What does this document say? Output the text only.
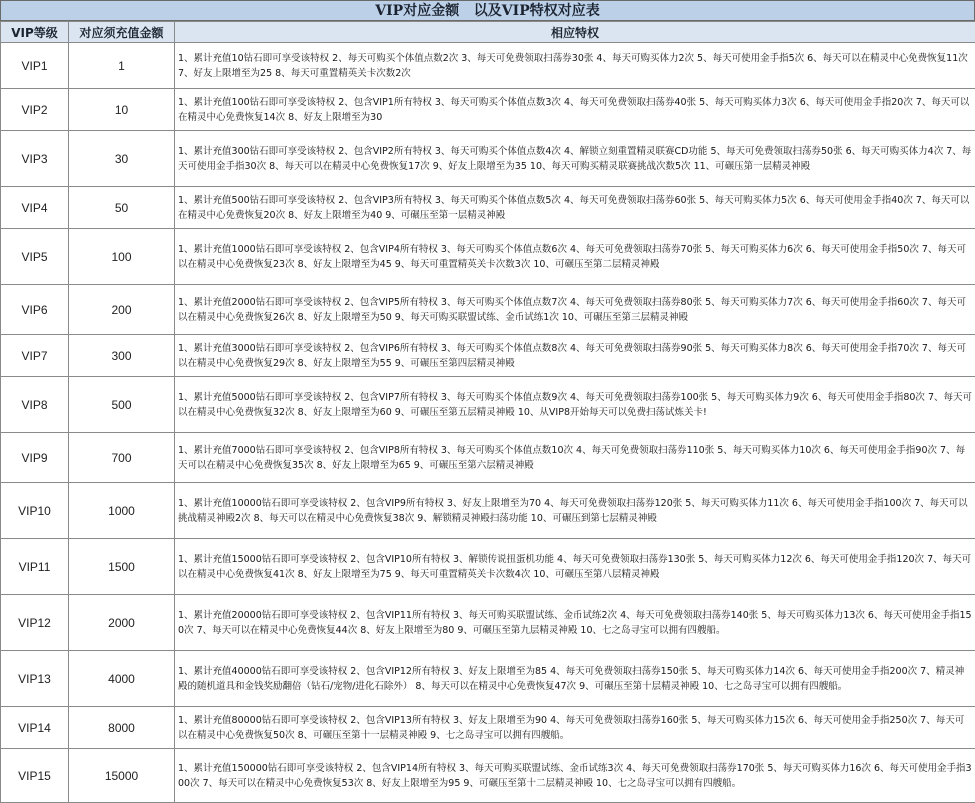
VIP对应金额   以及VIP特权对应表
VIP等级	对应须充值金额	相应特权
VIP1	1	1、累计充值10钻石即可享受该特权 2、每天可购买个体值点数2次 3、每天可免费领取扫荡券30张 4、每天可购买体力2次 5、每天可使用金手指5次 6、每天可以在精灵中心免费恢复11次 7、好友上限增至为25 8、每天可重置精英关卡次数2次
VIP2	10	1、累计充值100钻石即可享受该特权 2、包含VIP1所有特权 3、每天可购买个体值点数3次 4、每天可免费领取扫荡券40张 5、每天可购买体力3次 6、每天可使用金手指20次 7、每天可以在精灵中心免费恢复14次 8、好友上限增至为30
VIP3	30	1、累计充值300钻石即可享受该特权 2、包含VIP2所有特权 3、每天可购买个体值点数4次 4、解锁立刻重置精灵联赛CD功能 5、每天可免费领取扫荡券50张 6、每天可购买体力4次 7、每天可使用金手指30次 8、每天可以在精灵中心免费恢复17次 9、好友上限增至为35 10、每天可购买精灵联赛挑战次数5次 11、可碾压第一层精灵神殿
VIP4	50	1、累计充值500钻石即可享受该特权 2、包含VIP3所有特权 3、每天可购买个体值点数5次 4、每天可免费领取扫荡券60张 5、每天可购买体力5次 6、每天可使用金手指40次 7、每天可以在精灵中心免费恢复20次 8、好友上限增至为40 9、可碾压至第一层精灵神殿
VIP5	100	1、累计充值1000钻石即可享受该特权 2、包含VIP4所有特权 3、每天可购买个体值点数6次 4、每天可免费领取扫荡券70张 5、每天可购买体力6次 6、每天可使用金手指50次 7、每天可以在精灵中心免费恢复23次 8、好友上限增至为45 9、每天可重置精英关卡次数3次 10、可碾压至第二层精灵神殿
VIP6	200	1、累计充值2000钻石即可享受该特权 2、包含VIP5所有特权 3、每天可购买个体值点数7次 4、每天可免费领取扫荡券80张 5、每天可购买体力7次 6、每天可使用金手指60次 7、每天可以在精灵中心免费恢复26次 8、好友上限增至为50 9、每天可购买联盟试练、金币试练1次 10、可碾压至第三层精灵神殿
VIP7	300	1、累计充值3000钻石即可享受该特权 2、包含VIP6所有特权 3、每天可购买个体值点数8次 4、每天可免费领取扫荡券90张 5、每天可购买体力8次 6、每天可使用金手指70次 7、每天可以在精灵中心免费恢复29次 8、好友上限增至为55 9、可碾压至第四层精灵神殿
VIP8	500	1、累计充值5000钻石即可享受该特权 2、包含VIP7所有特权 3、每天可购买个体值点数9次 4、每天可免费领取扫荡券100张 5、每天可购买体力9次 6、每天可使用金手指80次 7、每天可以在精灵中心免费恢复32次 8、好友上限增至为60 9、可碾压至第五层精灵神殿 10、从VIP8开始每天可以免费扫荡试炼关卡!
VIP9	700	1、累计充值7000钻石即可享受该特权 2、包含VIP8所有特权 3、每天可购买个体值点数10次 4、每天可免费领取扫荡券110张 5、每天可购买体力10次 6、每天可使用金手指90次 7、每天可以在精灵中心免费恢复35次 8、好友上限增至为65 9、可碾压至第六层精灵神殿
VIP10	1000	1、累计充值10000钻石即可享受该特权 2、包含VIP9所有特权 3、好友上限增至为70 4、每天可免费领取扫荡券120张 5、每天可购买体力11次 6、每天可使用金手指100次 7、每天可以挑战精灵神殿2次 8、每天可以在精灵中心免费恢复38次 9、解锁精灵神殿扫荡功能 10、可碾压到第七层精灵神殿
VIP11	1500	1、累计充值15000钻石即可享受该特权 2、包含VIP10所有特权 3、解锁传说扭蛋机功能 4、每天可免费领取扫荡券130张 5、每天可购买体力12次 6、每天可使用金手指120次 7、每天可以在精灵中心免费恢复41次 8、好友上限增至为75 9、每天可重置精英关卡次数4次 10、可碾压至第八层精灵神殿
VIP12	2000	1、累计充值20000钻石即可享受该特权 2、包含VIP11所有特权 3、每天可购买联盟试练、金币试练2次 4、每天可免费领取扫荡券140张 5、每天可购买体力13次 6、每天可使用金手指150次 7、每天可以在精灵中心免费恢复44次 8、好友上限增至为80 9、可碾压至第九层精灵神殿 10、七之岛寻宝可以拥有四艘船。
VIP13	4000	1、累计充值40000钻石即可享受该特权 2、包含VIP12所有特权 3、好友上限增至为85 4、每天可免费领取扫荡券150张 5、每天可购买体力14次 6、每天可使用金手指200次 7、精灵神殿的随机道具和金钱奖励翻倍（钻石/宠物/进化石除外） 8、每天可以在精灵中心免费恢复47次 9、可碾压至第十层精灵神殿 10、七之岛寻宝可以拥有四艘船。
VIP14	8000	1、累计充值80000钻石即可享受该特权 2、包含VIP13所有特权 3、好友上限增至为90 4、每天可免费领取扫荡券160张 5、每天可购买体力15次 6、每天可使用金手指250次 7、每天可以在精灵中心免费恢复50次 8、可碾压至第十一层精灵神殿 9、七之岛寻宝可以拥有四艘船。
VIP15	15000	1、累计充值150000钻石即可享受该特权 2、包含VIP14所有特权 3、每天可购买联盟试练、金币试练3次 4、每天可免费领取扫荡券170张 5、每天可购买体力16次 6、每天可使用金手指300次 7、每天可以在精灵中心免费恢复53次 8、好友上限增至为95 9、可碾压至第十二层精灵神殿 10、七之岛寻宝可以拥有四艘船。
